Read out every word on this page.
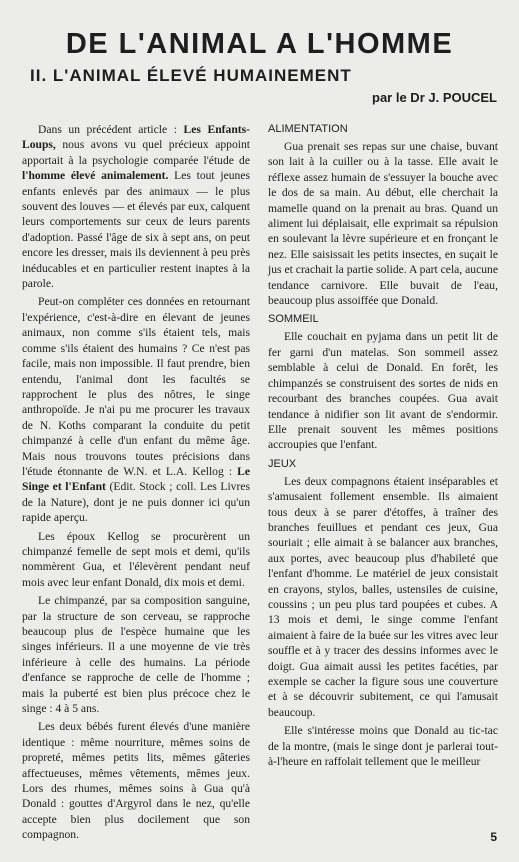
DE L'ANIMAL A L'HOMME
II. L'ANIMAL ÉLEVÉ HUMAINEMENT
par le Dr J. POUCEL

Dans un précédent article : Les Enfants-Loups, nous avons vu quel précieux appoint apportait à la psychologie comparée l'étude de l'homme élevé animalement. Les tout jeunes enfants enlevés par des animaux — le plus souvent des louves — et élevés par eux, calquent leurs comportements sur ceux de leurs parents d'adoption. Passé l'âge de six à sept ans, on peut encore les dresser, mais ils deviennent à peu près inéducables et en particulier restent inaptes à la parole.

Peut-on compléter ces données en retournant l'expérience, c'est-à-dire en élevant de jeunes animaux, non comme s'ils étaient tels, mais comme s'ils étaient des humains ? Ce n'est pas facile, mais non impossible. Il faut prendre, bien entendu, l'animal dont les facultés se rapprochent le plus des nôtres, le singe anthropoïde. Je n'ai pu me procurer les travaux de N. Koths comparant la conduite du petit chimpanzé à celle d'un enfant du même âge. Mais nous trouvons toutes précisions dans l'étude étonnante de W.N. et L.A. Kellog : Le Singe et l'Enfant (Edit. Stock ; coll. Les Livres de la Nature), dont je ne puis donner ici qu'un rapide aperçu.

Les époux Kellog se procurèrent un chimpanzé femelle de sept mois et demi, qu'ils nommèrent Gua, et l'élevèrent pendant neuf mois avec leur enfant Donald, dix mois et demi.

Le chimpanzé, par sa composition sanguine, par la structure de son cerveau, se rapproche beaucoup plus de l'espèce humaine que les singes inférieurs. Il a une moyenne de vie très inférieure à celle des humains. La période d'enfance se rapproche de celle de l'homme ; mais la puberté est bien plus précoce chez le singe : 4 à 5 ans.

Les deux bébés furent élevés d'une manière identique : même nourriture, mêmes soins de propreté, mêmes petits lits, mêmes gâteries affectueuses, mêmes vêtements, mêmes jeux. Lors des rhumes, mêmes soins à Gua qu'à Donald : gouttes d'Argyrol dans le nez, qu'elle accepte bien plus docilement que son compagnon.

ALIMENTATION

Gua prenait ses repas sur une chaise, buvant son lait à la cuiller ou à la tasse. Elle avait le réflexe assez humain de s'essuyer la bouche avec le dos de sa main. Au début, elle cherchait la mamelle quand on la prenait au bras. Quand un aliment lui déplaisait, elle exprimait sa répulsion en soulevant la lèvre supérieure et en fronçant le nez. Elle saisissait les petits insectes, en suçait le jus et crachait la partie solide. A part cela, aucune tendance carnivore. Elle buvait de l'eau, beaucoup plus assoiffée que Donald.

SOMMEIL

Elle couchait en pyjama dans un petit lit de fer garni d'un matelas. Son sommeil assez semblable à celui de Donald. En forêt, les chimpanzés se construisent des sortes de nids en recourbant des branches coupées. Gua avait tendance à nidifier son lit avant de s'endormir. Elle prenait souvent les mêmes positions accroupies que l'enfant.

JEUX

Les deux compagnons étaient inséparables et s'amusaient follement ensemble. Ils aimaient tous deux à se parer d'étoffes, à traîner des branches feuillues et pendant ces jeux, Gua souriait ; elle aimait à se balancer aux branches, aux portes, avec beaucoup plus d'habileté que l'enfant d'homme. Le matériel de jeux consistait en crayons, stylos, balles, ustensiles de cuisine, coussins ; un peu plus tard poupées et cubes. A 13 mois et demi, le singe comme l'enfant aimaient à faire de la buée sur les vitres avec leur souffle et à y tracer des dessins informes avec le doigt. Gua aimait aussi les petites facéties, par exemple se cacher la figure sous une couverture et à se découvrir subitement, ce qui l'amusait beaucoup.

Elle s'intéresse moins que Donald au tic-tac de la montre, (mais le singe dont je parlerai tout-à-l'heure en raffolait tellement que le meilleur

5
